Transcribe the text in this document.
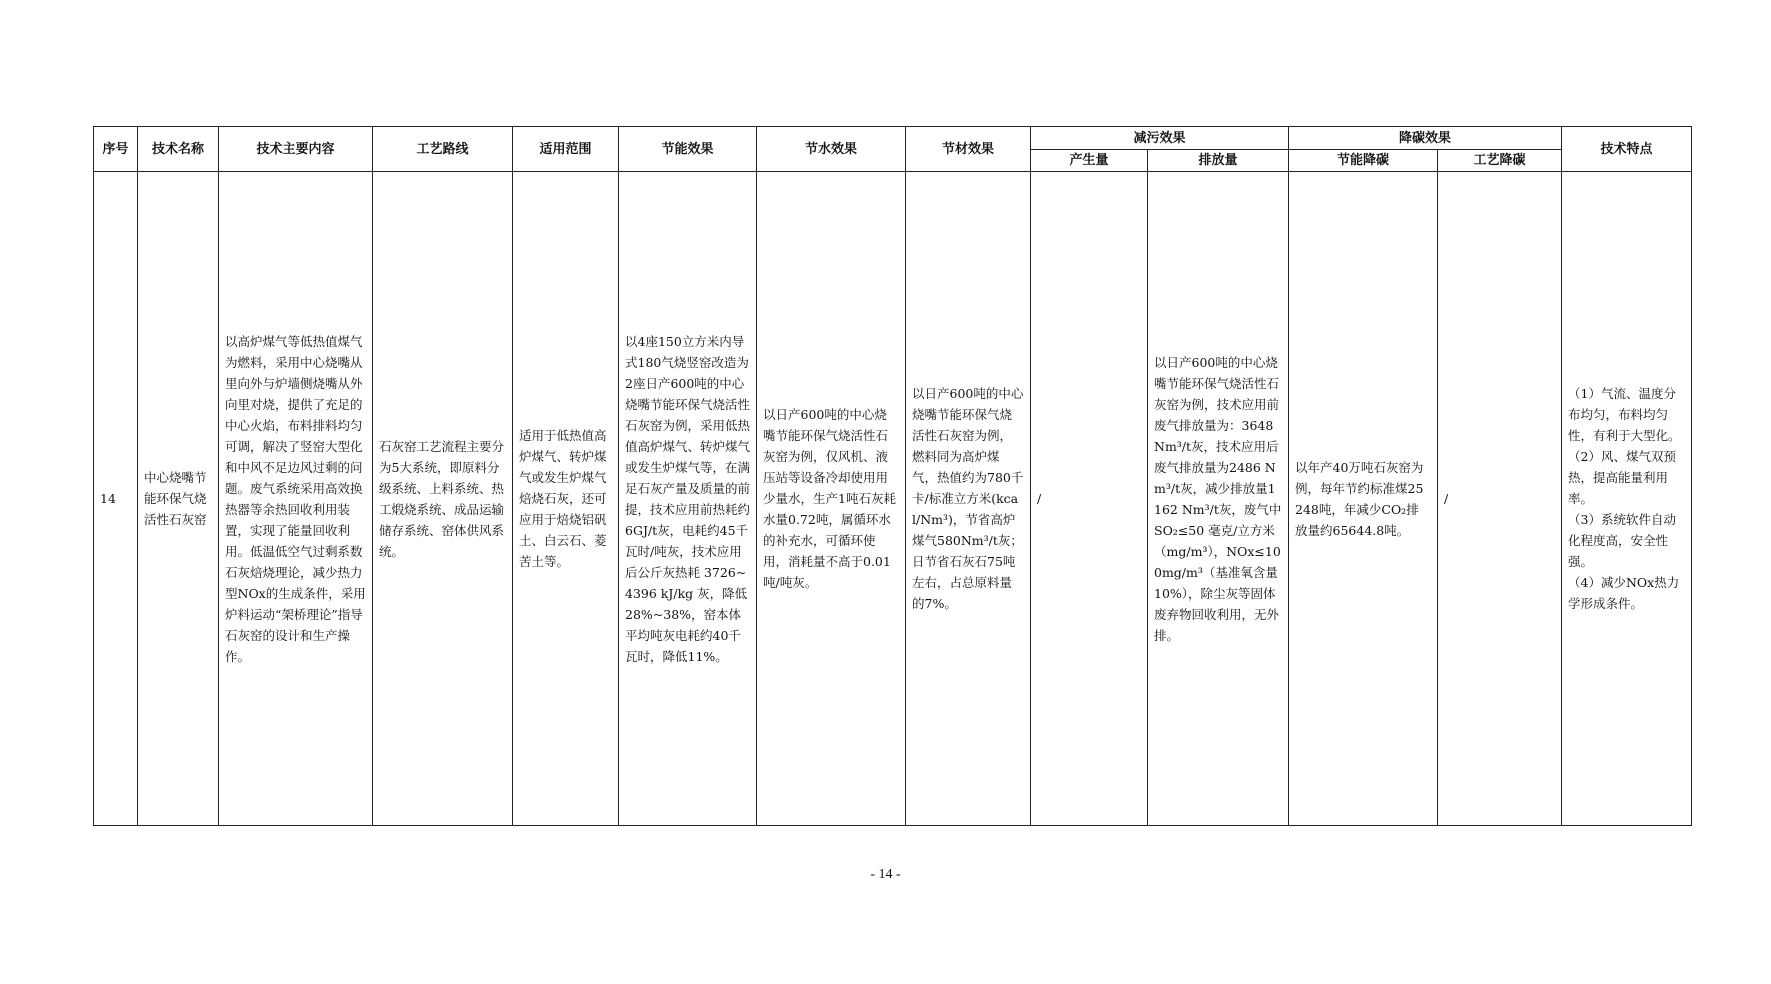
序号	技术名称	技术主要内容	工艺路线	适用范围	节能效果	节水效果	节材效果	减污效果		降碳效果		技术特点
								产生量	排放量	节能降碳	工艺降碳	
14	中心烧嘴节能环保气烧活性石灰窑	以高炉煤气等低热值煤气为燃料，采用中心烧嘴从里向外与炉墙侧烧嘴从外向里对烧，提供了充足的中心火焰，布料排料均匀可调，解决了竖窑大型化和中风不足边风过剩的问题。废气系统采用高效换热器等余热回收利用装置，实现了能量回收利用。低温低空气过剩系数石灰焙烧理论，减少热力型NOx的生成条件，采用炉料运动“架桥理论”指导石灰窑的设计和生产操作。	石灰窑工艺流程主要分为5大系统，即原料分级系统、上料系统、热工煅烧系统、成品运输储存系统、窑体供风系统。	适用于低热值高炉煤气、转炉煤气或发生炉煤气焙烧石灰，还可应用于焙烧铝矾土、白云石、菱苦土等。	以4座150立方米内导式180气烧竖窑改造为2座日产600吨的中心烧嘴节能环保气烧活性石灰窑为例，采用低热值高炉煤气、转炉煤气或发生炉煤气等，在满足石灰产量及质量的前提，技术应用前热耗约6GJ/t灰，电耗约45千瓦时/吨灰，技术应用后公斤灰热耗 3726~4396 kJ/kg 灰，降低28%~38%，窑本体平均吨灰电耗约40千瓦时，降低11%。	以日产600吨的中心烧嘴节能环保气烧活性石灰窑为例，仅风机、液压站等设备冷却使用用少量水，生产1吨石灰耗水量0.72吨，属循环水的补充水，可循环使用，消耗量不高于0.01吨/吨灰。	以日产600吨的中心烧嘴节能环保气烧活性石灰窑为例，燃料同为高炉煤气，热值约为780千卡/标准立方米(kcal/Nm³)，节省高炉煤气580Nm³/t灰；日节省石灰石75吨左右，占总原料量的7%。	/	以日产600吨的中心烧嘴节能环保气烧活性石灰窑为例，技术应用前废气排放量为：3648 Nm³/t灰，技术应用后废气排放量为2486 Nm³/t灰，减少排放量1162 Nm³/t灰，废气中 SO₂≤50 毫克/立方米（mg/m³），NOx≤100mg/m³（基准氧含量10%），除尘灰等固体废弃物回收利用，无外排。	以年产40万吨石灰窑为例，每年节约标准煤25248吨，年减少CO₂排放量约65644.8吨。	/	（1）气流、温度分布均匀，布料均匀性，有利于大型化。
（2）风、煤气双预热，提高能量利用率。
（3）系统软件自动化程度高，安全性强。
（4）减少NOx热力学形成条件。
- 14 -
